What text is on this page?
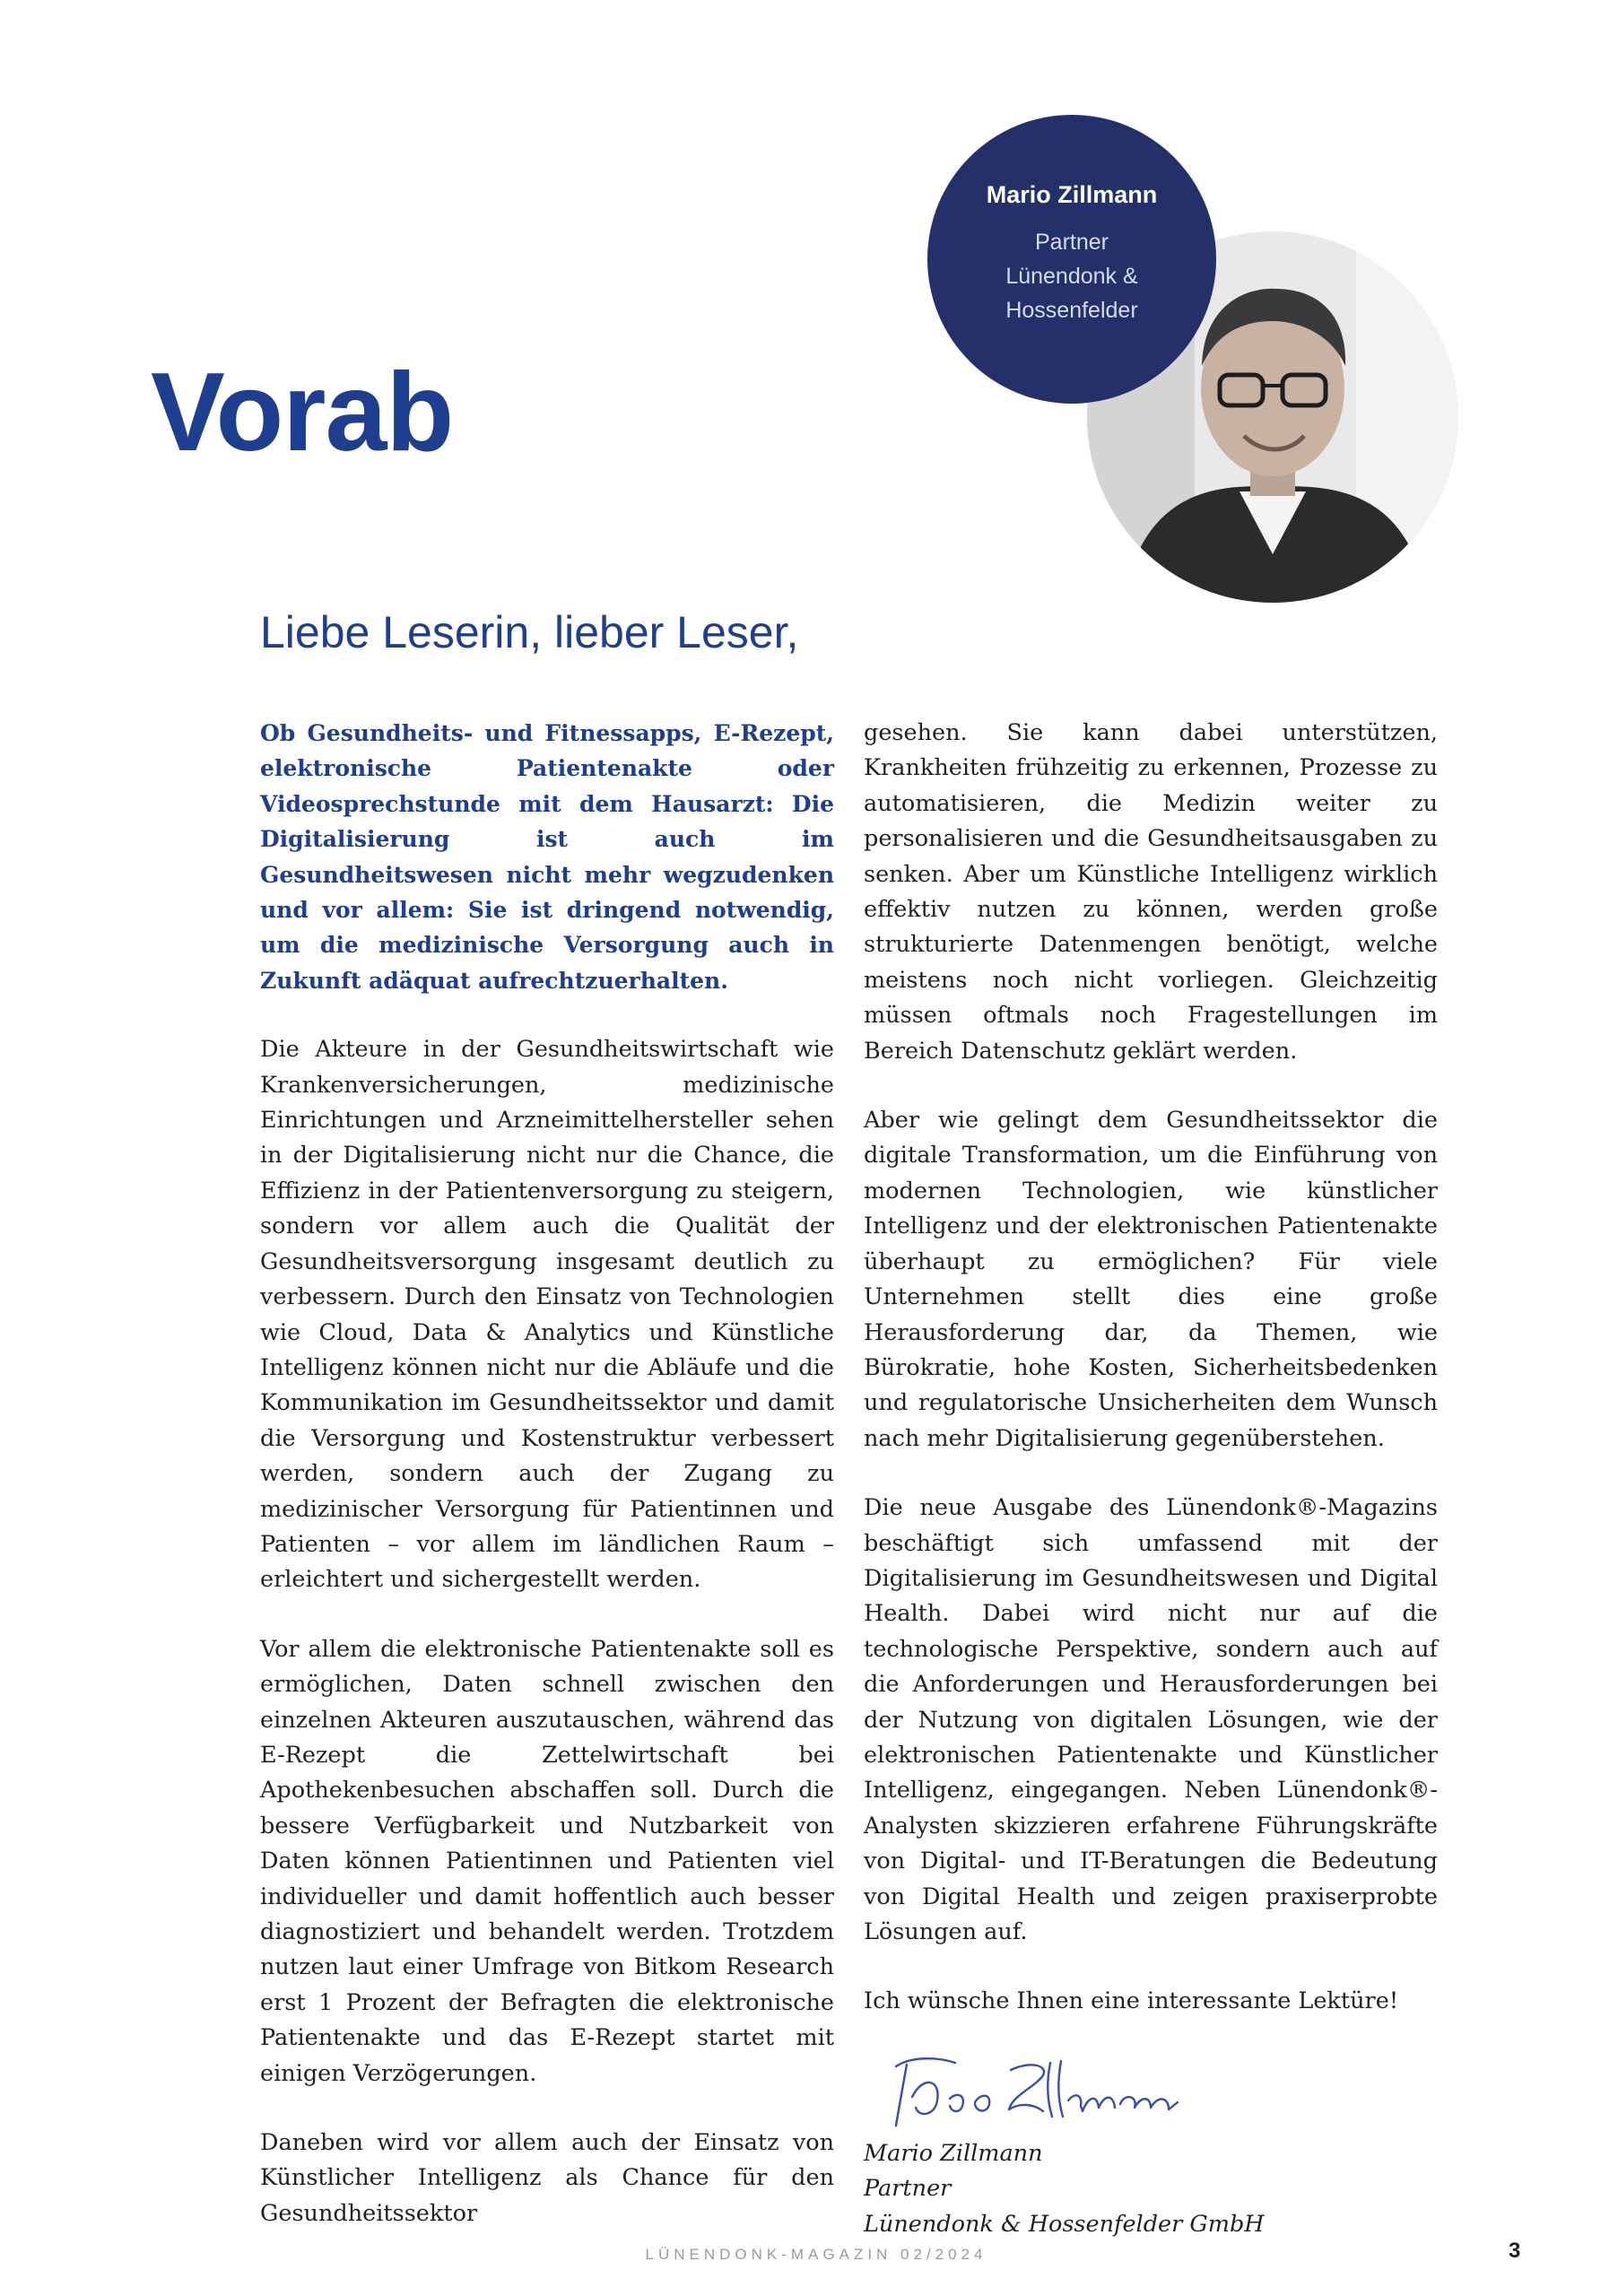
Vorab
Mario Zillmann
Partner
Lünendonk &
Hossenfelder
Liebe Leserin, lieber Leser,

Ob Gesundheits- und Fitnessapps, E-Rezept, elektronische Patientenakte oder Videosprechstunde mit dem Hausarzt: Die Digitalisierung ist auch im Gesundheitswesen nicht mehr wegzudenken und vor allem: Sie ist dringend notwendig, um die medizinische Versorgung auch in Zukunft adäquat aufrechtzuerhalten.

Die Akteure in der Gesundheitswirtschaft wie Krankenversicherungen, medizinische Einrichtungen und Arzneimittelhersteller sehen in der Digitalisierung nicht nur die Chance, die Effizienz in der Patientenversorgung zu steigern, sondern vor allem auch die Qualität der Gesundheitsversorgung insgesamt deutlich zu verbessern. Durch den Einsatz von Technologien wie Cloud, Data & Analytics und Künstliche Intelligenz können nicht nur die Abläufe und die Kommunikation im Gesundheitssektor und damit die Versorgung und Kostenstruktur verbessert werden, sondern auch der Zugang zu medizinischer Versorgung für Patientinnen und Patienten – vor allem im ländlichen Raum – erleichtert und sichergestellt werden.

Vor allem die elektronische Patientenakte soll es ermöglichen, Daten schnell zwischen den einzelnen Akteuren auszutauschen, während das E-Rezept die Zettelwirtschaft bei Apothekenbesuchen abschaffen soll. Durch die bessere Verfügbarkeit und Nutzbarkeit von Daten können Patientinnen und Patienten viel individueller und damit hoffentlich auch besser diagnostiziert und behandelt werden. Trotzdem nutzen laut einer Umfrage von Bitkom Research erst 1 Prozent der Befragten die elektronische Patientenakte und das E-Rezept startet mit einigen Verzögerungen.

Daneben wird vor allem auch der Einsatz von Künstlicher Intelligenz als Chance für den Gesundheitssektor

gesehen. Sie kann dabei unterstützen, Krankheiten frühzeitig zu erkennen, Prozesse zu automatisieren, die Medizin weiter zu personalisieren und die Gesundheitsausgaben zu senken. Aber um Künstliche Intelligenz wirklich effektiv nutzen zu können, werden große strukturierte Datenmengen benötigt, welche meistens noch nicht vorliegen. Gleichzeitig müssen oftmals noch Fragestellungen im Bereich Datenschutz geklärt werden.

Aber wie gelingt dem Gesundheitssektor die digitale Transformation, um die Einführung von modernen Technologien, wie künstlicher Intelligenz und der elektronischen Patientenakte überhaupt zu ermöglichen? Für viele Unternehmen stellt dies eine große Herausforderung dar, da Themen, wie Bürokratie, hohe Kosten, Sicherheitsbedenken und regulatorische Unsicherheiten dem Wunsch nach mehr Digitalisierung gegenüberstehen.

Die neue Ausgabe des Lünendonk®-Magazins beschäftigt sich umfassend mit der Digitalisierung im Gesundheitswesen und Digital Health. Dabei wird nicht nur auf die technologische Perspektive, sondern auch auf die Anforderungen und Herausforderungen bei der Nutzung von digitalen Lösungen, wie der elektronischen Patientenakte und Künstlicher Intelligenz, eingegangen. Neben Lünendonk®-Analysten skizzieren erfahrene Führungskräfte von Digital- und IT-Beratungen die Bedeutung von Digital Health und zeigen praxiserprobte Lösungen auf.

Ich wünsche Ihnen eine interessante Lektüre!

Mario Zillmann
Partner
Lünendonk & Hossenfelder GmbH
LÜNENDONK-MAGAZIN 02/2024	3
